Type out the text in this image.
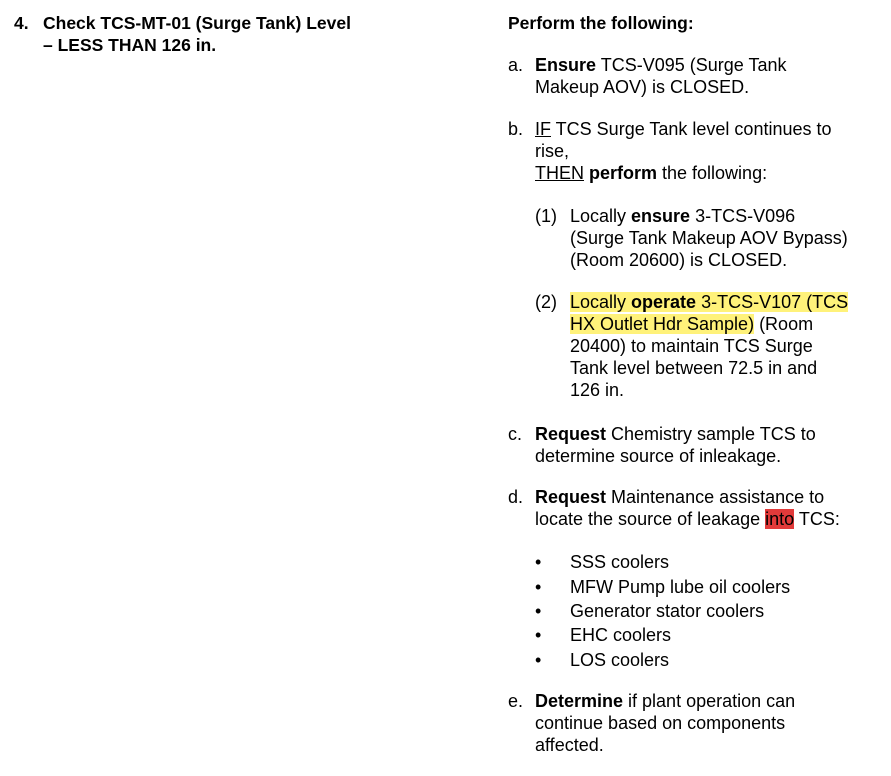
4. Check TCS-MT-01 (Surge Tank) Level
– LESS THAN 126 in.
Perform the following:
a. Ensure TCS-V095 (Surge Tank
Makeup AOV) is CLOSED.
b. IF TCS Surge Tank level continues to
rise,
THEN perform the following:
(1) Locally ensure 3-TCS-V096
(Surge Tank Makeup AOV Bypass)
(Room 20600) is CLOSED.
(2) Locally operate 3-TCS-V107 (TCS
HX Outlet Hdr Sample) (Room
20400) to maintain TCS Surge
Tank level between 72.5 in and
126 in.
c. Request Chemistry sample TCS to
determine source of inleakage.
d. Request Maintenance assistance to
locate the source of leakage into TCS:
• SSS coolers
• MFW Pump lube oil coolers
• Generator stator coolers
• EHC coolers
• LOS coolers
e. Determine if plant operation can
continue based on components
affected.
